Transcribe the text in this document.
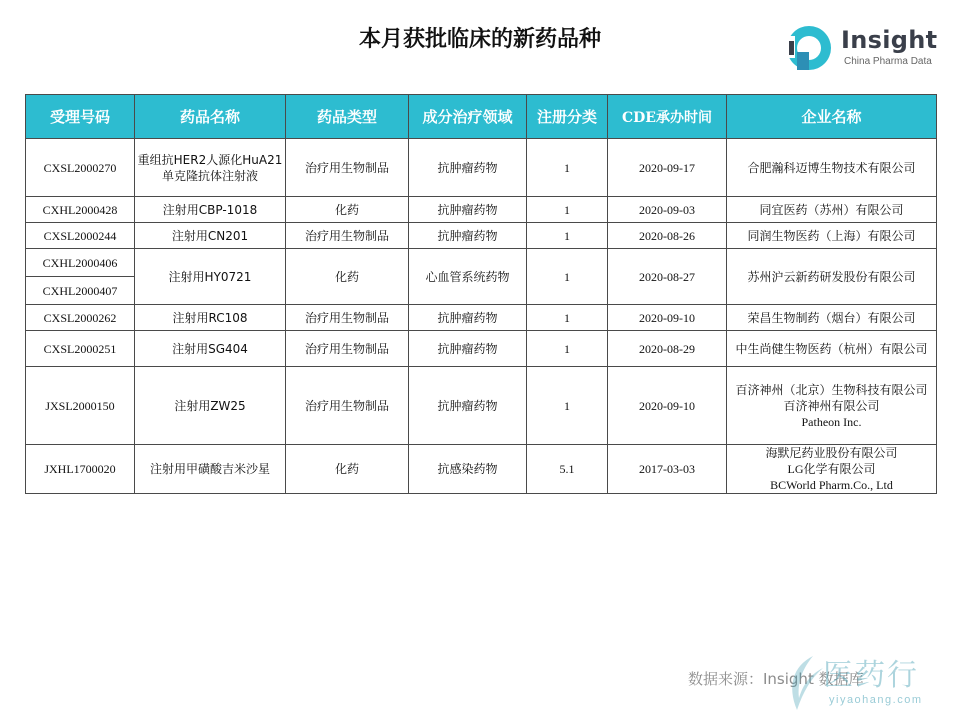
本月获批临床的新药品种	Insight
China Pharma Data
受理号码	药品名称	药品类型	成分治疗领域	注册分类	CDE承办时间	企业名称
CXSL2000270	重组抗HER2人源化HuA21单克隆抗体注射液	治疗用生物制品	抗肿瘤药物	1	2020-09-17	合肥瀚科迈博生物技术有限公司

CXHL2000428	注射用CBP-1018	化药	抗肿瘤药物	1	2020-09-03	同宜医药（苏州）有限公司

CXSL2000244	注射用CN201	治疗用生物制品	抗肿瘤药物	1	2020-08-26	同润生物医药（上海）有限公司

CXHL2000406	注射用HY0721	化药	心血管系统药物	1	2020-08-27	苏州沪云新药研发股份有限公司

CXHL2000407						
CXSL2000262	注射用RC108	治疗用生物制品	抗肿瘤药物	1	2020-09-10	荣昌生物制药（烟台）有限公司

CXSL2000251	注射用SG404	治疗用生物制品	抗肿瘤药物	1	2020-08-29	中生尚健生物医药（杭州）有限公司

JXSL2000150	注射用ZW25	治疗用生物制品	抗肿瘤药物	1	2020-09-10	百济神州（北京）生物科技有限公司
百济神州有限公司
Patheon Inc.

JXHL1700020	注射用甲磺酸吉米沙星	化药	抗感染药物	5.1	2017-03-03	海默尼药业股份有限公司
LG化学有限公司
BCWorld Pharm.Co., Ltd
数据来源：Insight 数据库
医药行
yiyaohang.com
